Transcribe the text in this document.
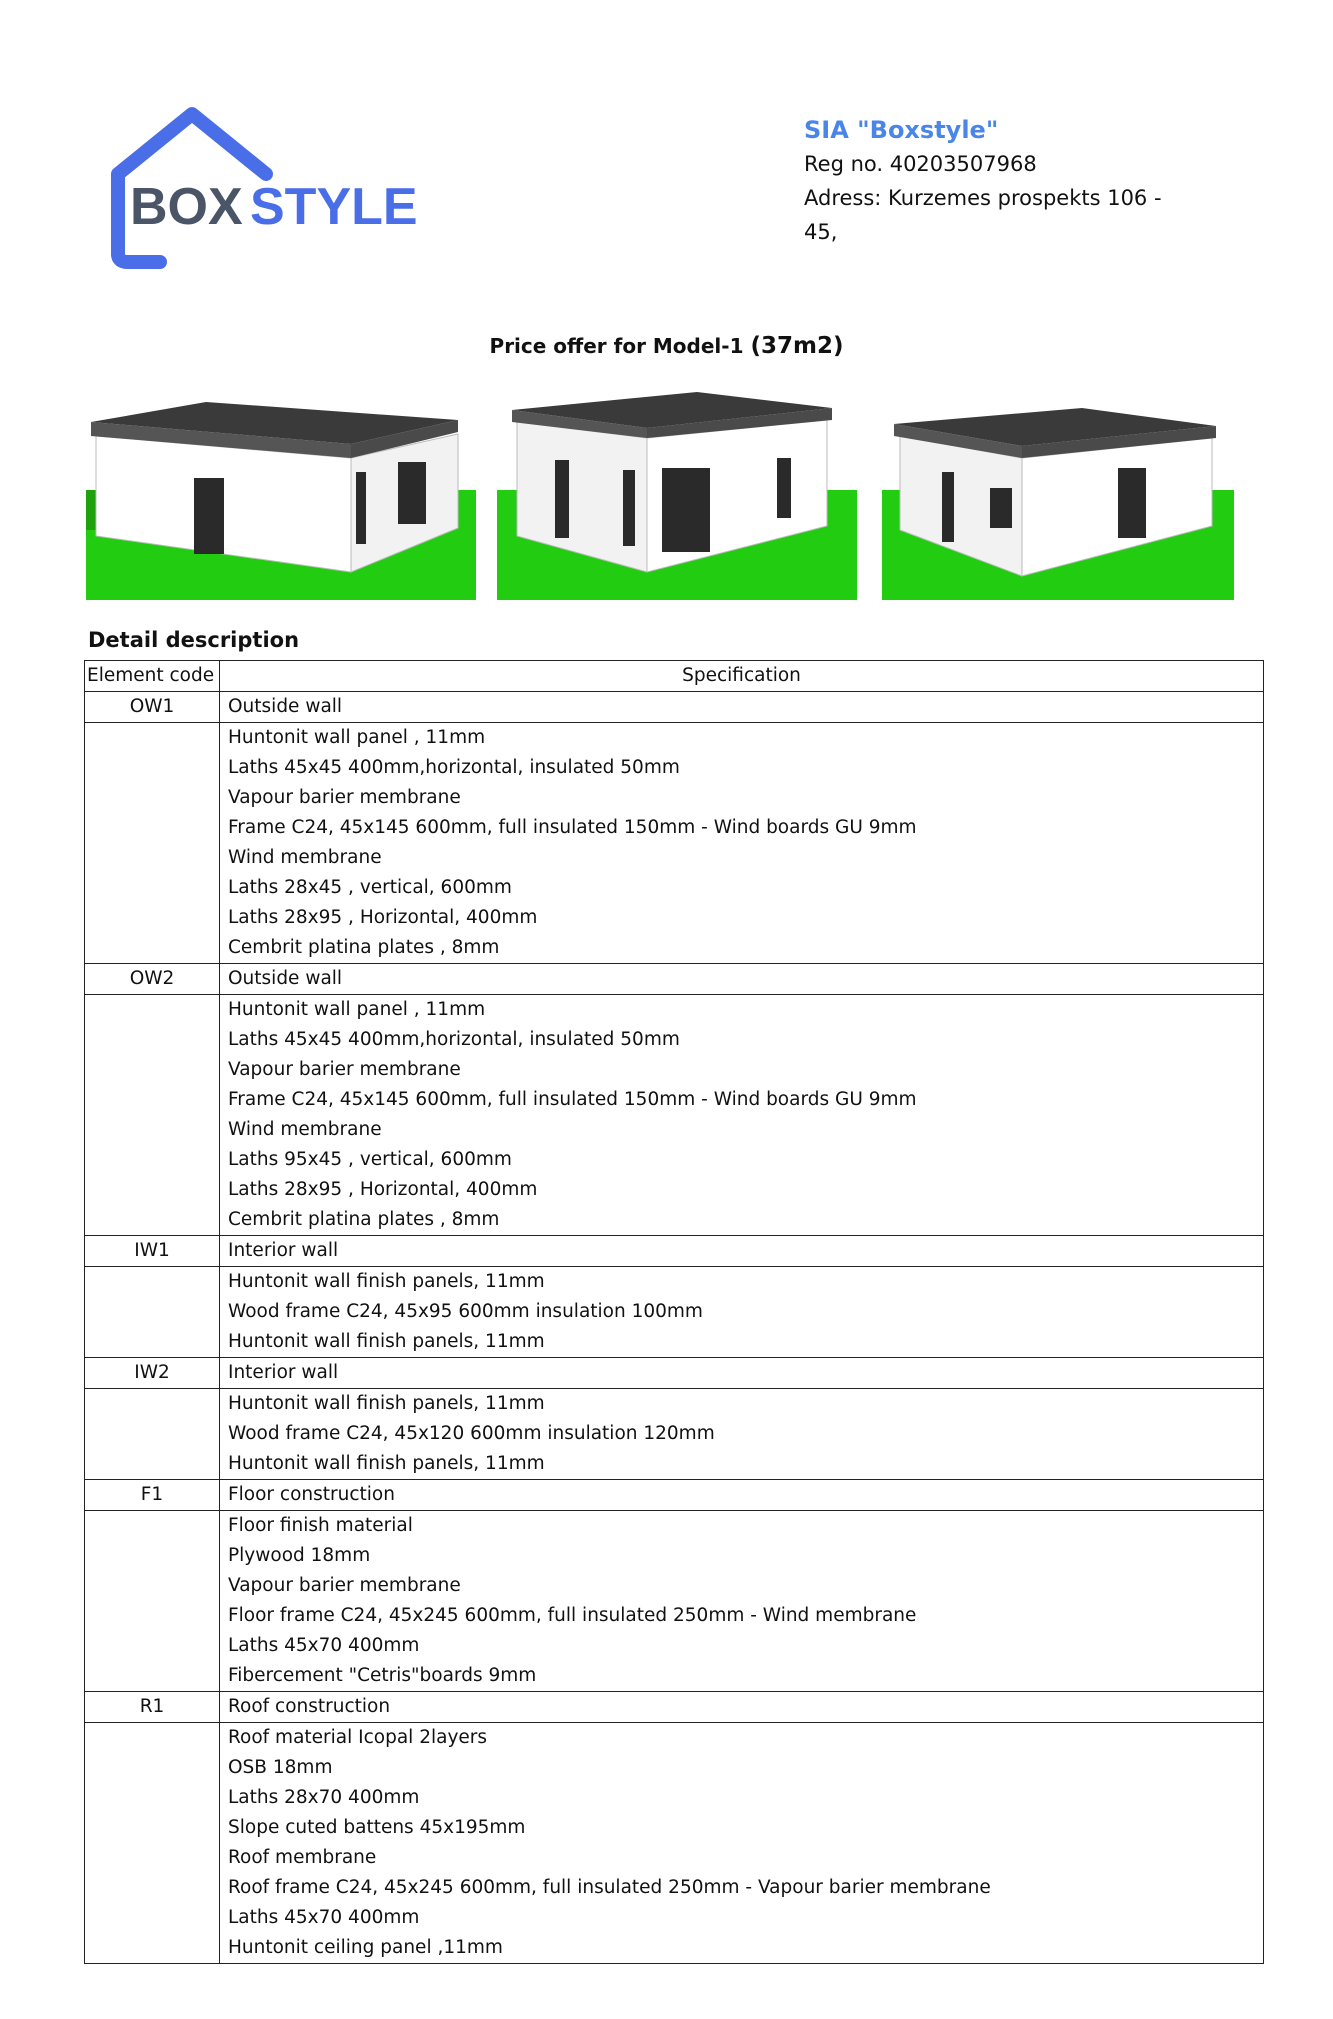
BOX STYLE
SIA "Boxstyle"
Reg no. 40203507968
Adress: Kurzemes prospekts 106 -
45,
Price offer for Model-1 (37m2)
Detail description
Element code	Specification
OW1	Outside wall
	Huntonit wall panel , 11mm
	Laths 45x45 400mm,horizontal, insulated 50mm
	Vapour barier membrane
	Frame C24, 45x145 600mm, full insulated 150mm - Wind boards GU 9mm
	Wind membrane
	Laths 28x45 , vertical, 600mm
	Laths 28x95 , Horizontal, 400mm
	Cembrit platina plates , 8mm
OW2	Outside wall
	Huntonit wall panel , 11mm
	Laths 45x45 400mm,horizontal, insulated 50mm
	Vapour barier membrane
	Frame C24, 45x145 600mm, full insulated 150mm - Wind boards GU 9mm
	Wind membrane
	Laths 95x45 , vertical, 600mm
	Laths 28x95 , Horizontal, 400mm
	Cembrit platina plates , 8mm
IW1	Interior wall
	Huntonit wall finish panels, 11mm
	Wood frame C24, 45x95 600mm insulation 100mm
	Huntonit wall finish panels, 11mm
IW2	Interior wall
	Huntonit wall finish panels, 11mm
	Wood frame C24, 45x120 600mm insulation 120mm
	Huntonit wall finish panels, 11mm
F1	Floor construction
	Floor finish material
	Plywood 18mm
	Vapour barier membrane
	Floor frame C24, 45x245 600mm, full insulated 250mm - Wind membrane
	Laths 45x70 400mm
	Fibercement "Cetris"boards 9mm
R1	Roof construction
	Roof material Icopal 2layers
	OSB 18mm
	Laths 28x70 400mm
	Slope cuted battens 45x195mm
	Roof membrane
	Roof frame C24, 45x245 600mm, full insulated 250mm - Vapour barier membrane
	Laths 45x70 400mm
	Huntonit ceiling panel ,11mm
